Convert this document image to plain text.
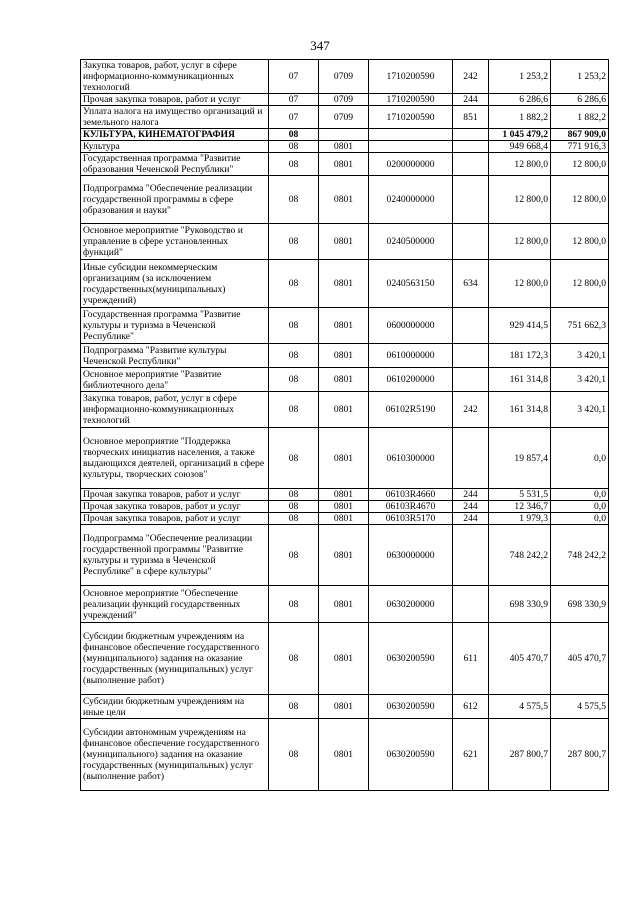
347
Закупка товаров, работ, услуг в сфере информационно-коммуникационных технологий	07	0709	1710200590	242	1 253,2	1 253,2
Прочая закупка товаров, работ и услуг	07	0709	1710200590	244	6 286,6	6 286,6
Уплата налога на имущество организаций и земельного налога	07	0709	1710200590	851	1 882,2	1 882,2
КУЛЬТУРА, КИНЕМАТОГРАФИЯ	08				1 045 479,2	867 909,0
Культура	08	0801			949 668,4	771 916,3
Государственная программа "Развитие образования Чеченской Республики"	08	0801	0200000000		12 800,0	12 800,0
Подпрограмма "Обеспечение реализации государственной программы в сфере образования и науки"	08	0801	0240000000		12 800,0	12 800,0
Основное мероприятие "Руководство и управление в сфере установленных функций"	08	0801	0240500000		12 800,0	12 800,0
Иные субсидии некоммерческим организациям (за исключением государственных(муниципальных) учреждений)	08	0801	0240563150	634	12 800,0	12 800,0
Государственная программа "Развитие культуры и туризма в Чеченской Республике"	08	0801	0600000000		929 414,5	751 662,3
Подпрограмма "Развитие культуры Чеченской Республики"	08	0801	0610000000		181 172,3	3 420,1
Основное мероприятие "Развитие библиотечного дела"	08	0801	0610200000		161 314,8	3 420,1
Закупка товаров, работ, услуг в сфере информационно-коммуникационных технологий	08	0801	06102R5190	242	161 314,8	3 420,1
Основное мероприятие "Поддержка творческих инициатив населения, а также выдающихся деятелей, организаций в сфере культуры, творческих союзов"	08	0801	0610300000		19 857,4	0,0
Прочая закупка товаров, работ и услуг	08	0801	06103R4660	244	5 531,5	0,0
Прочая закупка товаров, работ и услуг	08	0801	06103R4670	244	12 346,7	0,0
Прочая закупка товаров, работ и услуг	08	0801	06103R5170	244	1 979,3	0,0
Подпрограмма "Обеспечение реализации государственной программы "Развитие культуры и туризма в Чеченской Республике" в сфере культуры"	08	0801	0630000000		748 242,2	748 242,2
Основное мероприятие "Обеспечение реализации функций государственных учреждений"	08	0801	0630200000		698 330,9	698 330,9
Субсидии бюджетным учреждениям на финансовое обеспечение государственного (муниципального) задания на оказание государственных (муниципальных) услуг (выполнение работ)	08	0801	0630200590	611	405 470,7	405 470,7
Субсидии бюджетным учреждениям на иные цели	08	0801	0630200590	612	4 575,5	4 575,5
Субсидии автономным учреждениям на финансовое обеспечение государственного (муниципального) задания на оказание государственных (муниципальных) услуг (выполнение работ)	08	0801	0630200590	621	287 800,7	287 800,7
